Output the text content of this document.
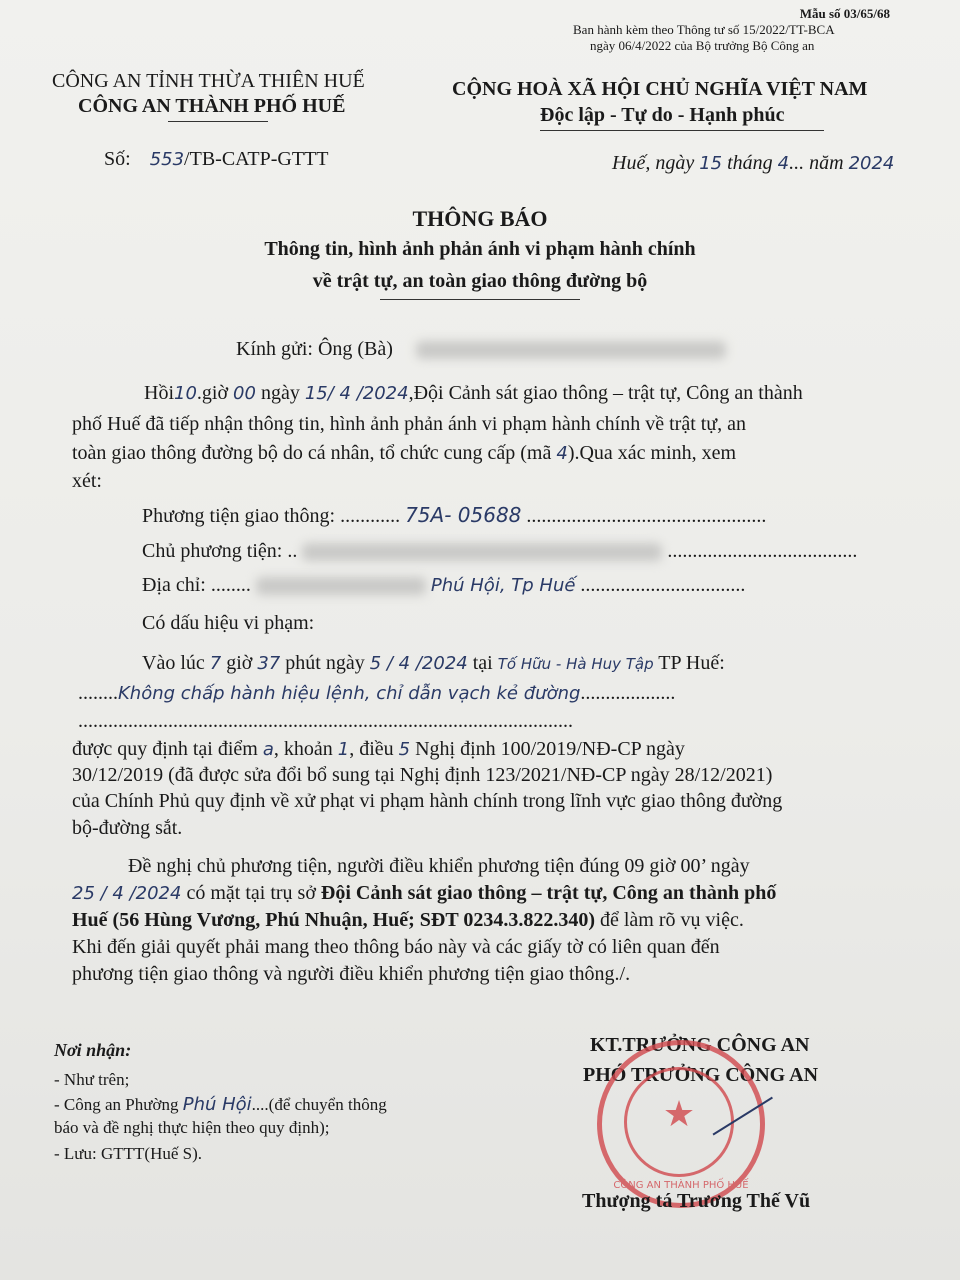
Mẫu số 03/65/68
Ban hành kèm theo Thông tư số 15/2022/TT-BCA
ngày 06/4/2022 của Bộ trưởng Bộ Công an
CÔNG AN TỈNH THỪA THIÊN HUẾ
CÔNG AN THÀNH PHỐ HUẾ
CỘNG HOÀ XÃ HỘI CHỦ NGHĨA VIỆT NAM
Độc lập - Tự do - Hạnh phúc
Số: 553/TB-CATP-GTTT	Huế, ngày 15 tháng 4... năm 2024
THÔNG BÁO
Thông tin, hình ảnh phản ánh vi phạm hành chính
về trật tự, an toàn giao thông đường bộ
Kính gửi: Ông (Bà)
Hồi10.giờ 00 ngày 15/ 4 /2024,Đội Cảnh sát giao thông – trật tự, Công an thành
phố Huế đã tiếp nhận thông tin, hình ảnh phản ánh vi phạm hành chính về trật tự, an
toàn giao thông đường bộ do cá nhân, tổ chức cung cấp (mã 4).Qua xác minh, xem
xét:
Phương tiện giao thông: ............ 75A- 05688 ................................................
Chủ phương tiện: ..	......................................
Địa chỉ: ........	Phú Hội, Tp Huế .................................
Có dấu hiệu vi phạm:
Vào lúc 7 giờ 37 phút ngày 5 / 4 /2024 tại Tố Hữu - Hà Huy Tập TP Huế:
........Không chấp hành hiệu lệnh, chỉ dẫn vạch kẻ đường...................
...................................................................................................
được quy định tại điểm a, khoản 1, điều 5 Nghị định 100/2019/NĐ-CP ngày
30/12/2019 (đã được sửa đổi bổ sung tại Nghị định 123/2021/NĐ-CP ngày 28/12/2021)
của Chính Phủ quy định về xử phạt vi phạm hành chính trong lĩnh vực giao thông đường
bộ-đường sắt.
Đề nghị chủ phương tiện, người điều khiển phương tiện đúng 09 giờ 00’ ngày
25 / 4 /2024 có mặt tại trụ sở Đội Cảnh sát giao thông – trật tự, Công an thành phố
Huế (56 Hùng Vương, Phú Nhuận, Huế; SĐT 0234.3.822.340) để làm rõ vụ việc.
Khi đến giải quyết phải mang theo thông báo này và các giấy tờ có liên quan đến
phương tiện giao thông và người điều khiển phương tiện giao thông./.
Nơi nhận:
- Như trên;
- Công an Phường Phú Hội....(để chuyển thông
báo và đề nghị thực hiện theo quy định);
- Lưu: GTTT(Huế S).
KT.TRƯỞNG CÔNG AN
PHÓ TRƯỞNG CÔNG AN
★
CÔNG AN THÀNH PHỐ HUẾ
Thượng tá Trương Thế Vũ
